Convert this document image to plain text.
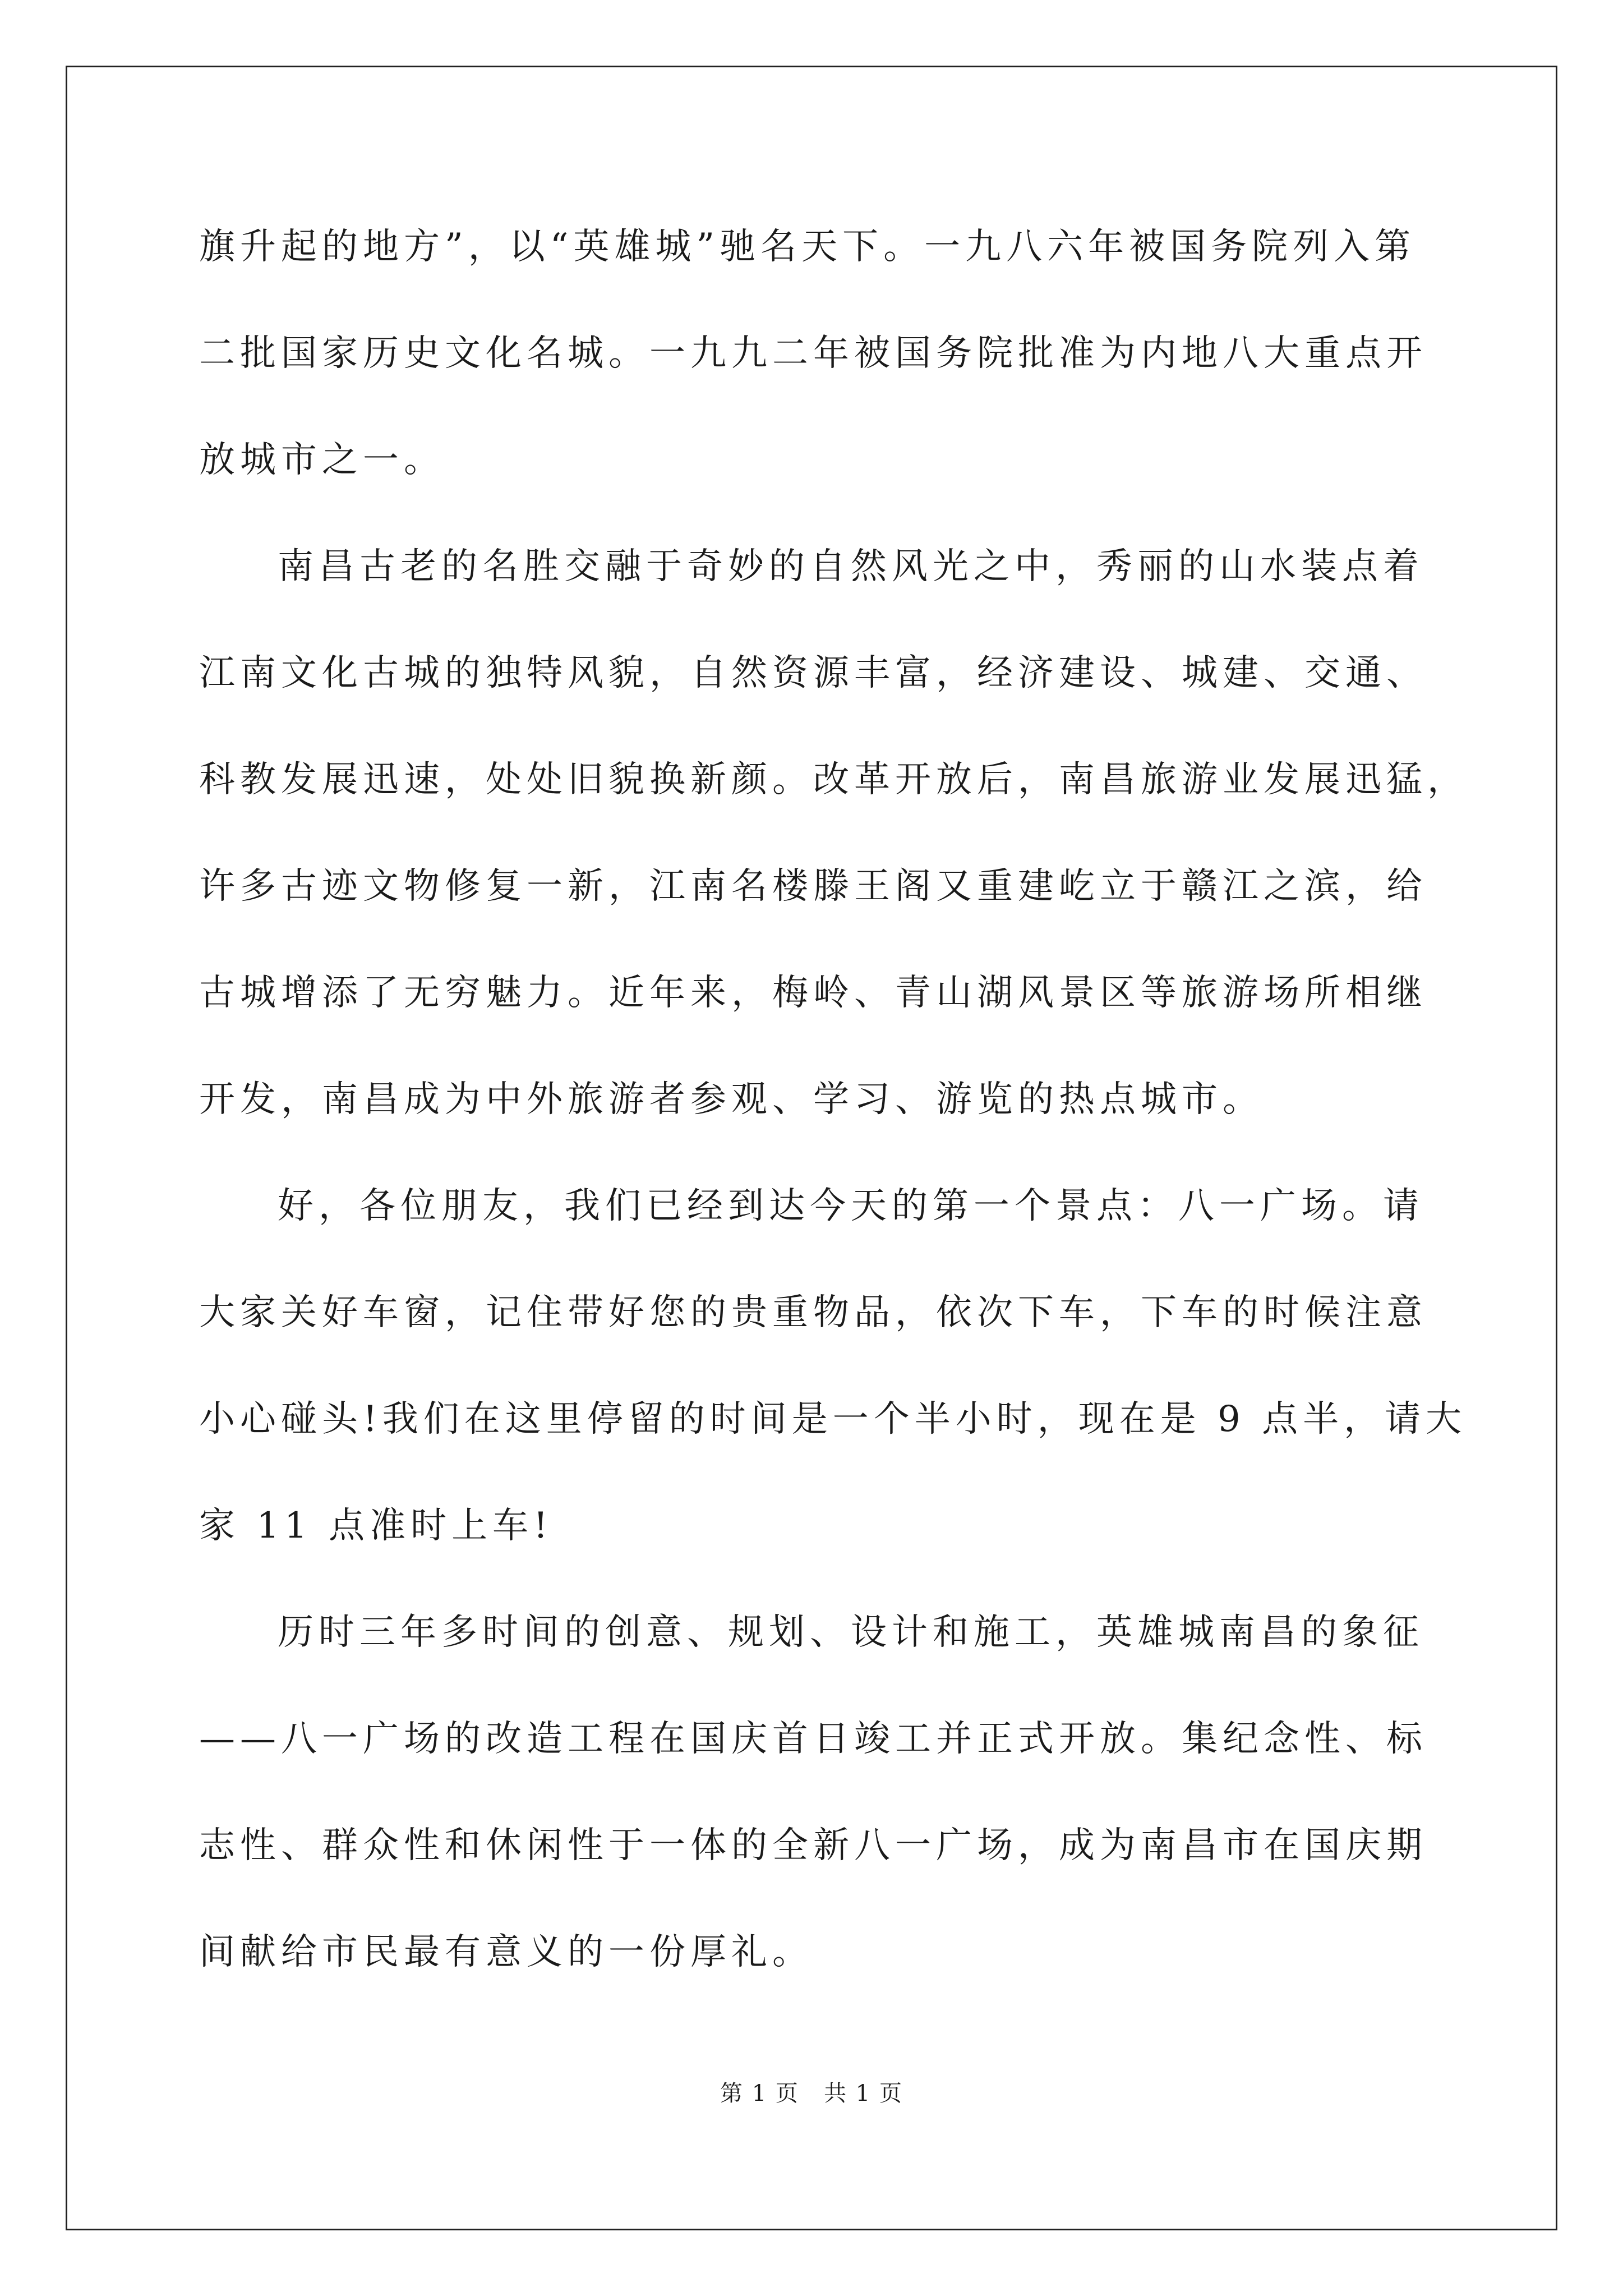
旗升起的地方”，以“英雄城”驰名天下。一九八六年被国务院列入第
二批国家历史文化名城。一九九二年被国务院批准为内地八大重点开
放城市之一。
南昌古老的名胜交融于奇妙的自然风光之中，秀丽的山水装点着
江南文化古城的独特风貌，自然资源丰富，经济建设、城建、交通、
科教发展迅速，处处旧貌换新颜。改革开放后，南昌旅游业发展迅猛，
许多古迹文物修复一新，江南名楼滕王阁又重建屹立于赣江之滨，给
古城增添了无穷魅力。近年来，梅岭、青山湖风景区等旅游场所相继
开发，南昌成为中外旅游者参观、学习、游览的热点城市。
好，各位朋友，我们已经到达今天的第一个景点：八一广场。请
大家关好车窗，记住带好您的贵重物品，依次下车，下车的时候注意
小心碰头!我们在这里停留的时间是一个半小时，现在是 9 点半，请大
家 11 点准时上车!
历时三年多时间的创意、规划、设计和施工，英雄城南昌的象征
——八一广场的改造工程在国庆首日竣工并正式开放。集纪念性、标
志性、群众性和休闲性于一体的全新八一广场，成为南昌市在国庆期
间献给市民最有意义的一份厚礼。
第 1 页   共 1 页
